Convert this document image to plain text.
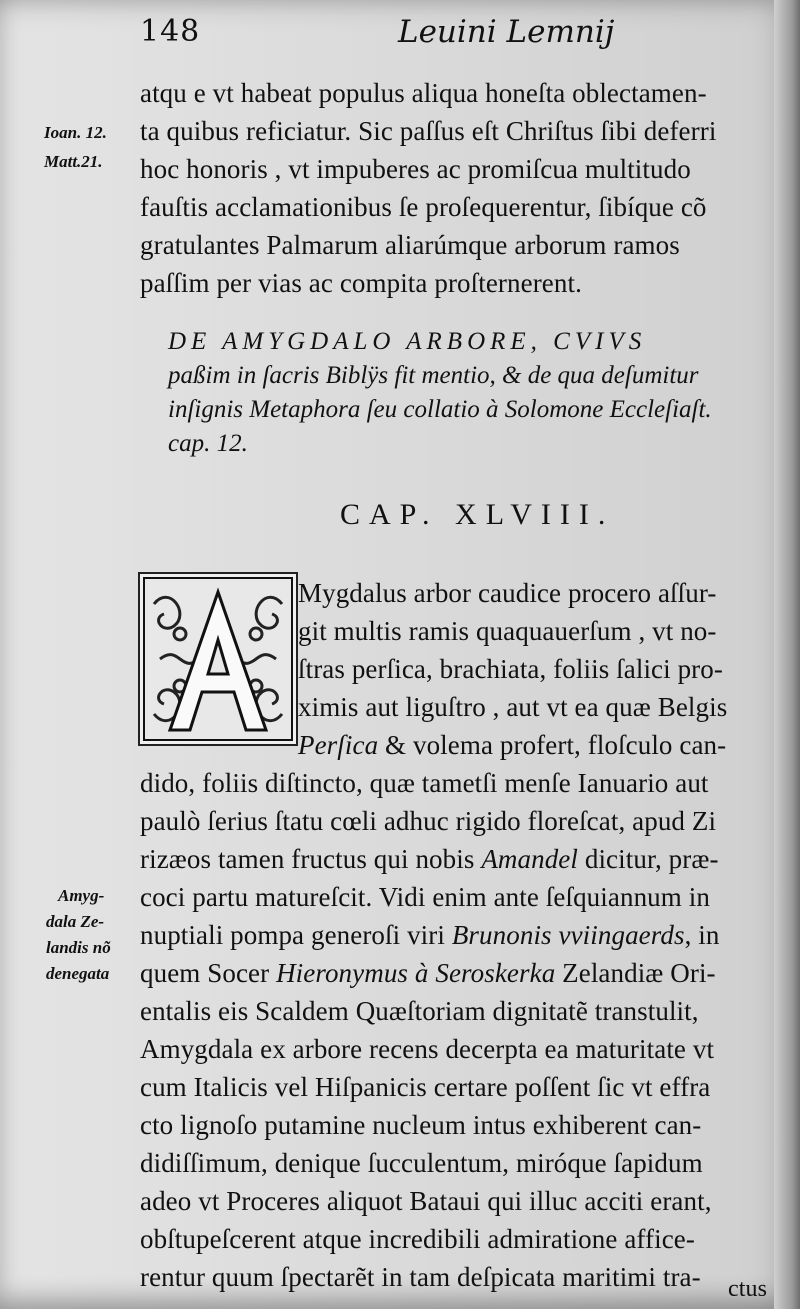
148	Leuini Lemnij
atqu e vt habeat populus aliqua honeſta oblectamen-
ta quibus reficiatur. Sic paſſus eſt Chriſtus ſibi deferri
hoc honoris , vt impuberes ac promiſcua multitudo
fauſtis acclamationibus ſe proſequerentur, ſibíque cõ
gratulantes Palmarum aliarúmque arborum ramos
paſſim per vias ac compita proſternerent.
Ioan. 12.
Matt.21.
DE AMYGDALO ARBORE, CVIVS
paßim in ſacris Biblÿs fit mentio, & de qua deſumitur
inſignis Metaphora ſeu collatio à Solomone Eccleſiaſt.
cap. 12.
CAP. XLVIII.
Mygdalus arbor caudice procero aſſur-
git multis ramis quaquauerſum , vt no-
ſtras perſica, brachiata, foliis ſalici pro-
ximis aut liguſtro , aut vt ea quæ Belgis
Perſica & volema profert, floſculo can-
dido, foliis diſtincto, quæ tametſi menſe Ianuario aut
paulò ſerius ſtatu cœli adhuc rigido floreſcat, apud Zi
rizæos tamen fructus qui nobis Amandel dicitur, præ-
coci partu matureſcit. Vidi enim ante ſeſquiannum in
nuptiali pompa generoſi viri Brunonis vviingaerds, in
quem Socer Hieronymus à Seroskerka Zelandiæ Ori-
entalis eis Scaldem Quæſtoriam dignitatẽ transtulit,
Amygdala ex arbore recens decerpta ea maturitate vt
cum Italicis vel Hiſpanicis certare poſſent ſic vt effra
cto lignoſo putamine nucleum intus exhiberent can-
didiſſimum, denique ſucculentum, miróque ſapidum
adeo vt Proceres aliquot Bataui qui illuc acciti erant,
obſtupeſcerent atque incredibili admiratione affice-
rentur quum ſpectarẽt in tam deſpicata maritimi tra- ctus
Amyg-
dala Ze-
landis nõ
denegata
